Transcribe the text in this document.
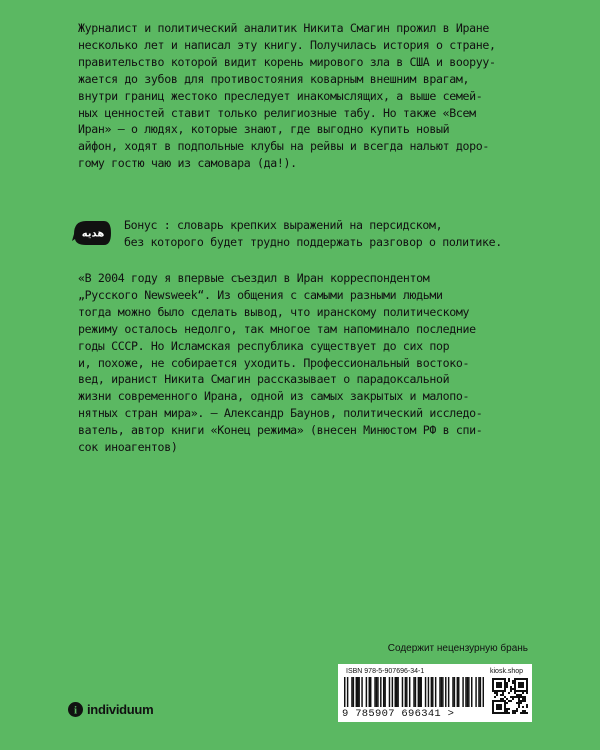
Журналист и политический аналитик Никита Смагин прожил в Иране
несколько лет и написал эту книгу. Получилась история о стране,
правительство которой видит корень мирового зла в США и вооруу-
жается до зубов для противостояния коварным внешним врагам,
внутри границ жестоко преследует инакомыслящих, а выше семей-
ных ценностей ставит только религиозные табу. Но также «Всем
Иран» – о людях, которые знают, где выгодно купить новый
айфон, ходят в подпольные клубы на рейвы и всегда нальют доро-
гому гостю чаю из самовара (да!).

هدیه

Бонус : словарь крепких выражений на персидском,
без которого будет трудно поддержать разговор о политике.

«В 2004 году я впервые съездил в Иран корреспондентом
„Русского Newsweek“. Из общения с самыми разными людьми
тогда можно было сделать вывод, что иранскому политическому
режиму осталось недолго, так многое там напоминало последние
годы СССР. Но Исламская республика существует до сих пор
и, похоже, не собирается уходить. Профессиональный востоко-
вед, иранист Никита Смагин рассказывает о парадоксальной
жизни современного Ирана, одной из самых закрытых и малопо-
нятных стран мира». – Александр Баунов, политический исследо-
ватель, автор книги «Конец режима» (внесен Минюстом РФ в спи-
сок иноагентов)

Содержит нецензурную брань
i individuum
ISBN 978-5-907696-34-1
9 785907 696341 >
kiosk.shop
